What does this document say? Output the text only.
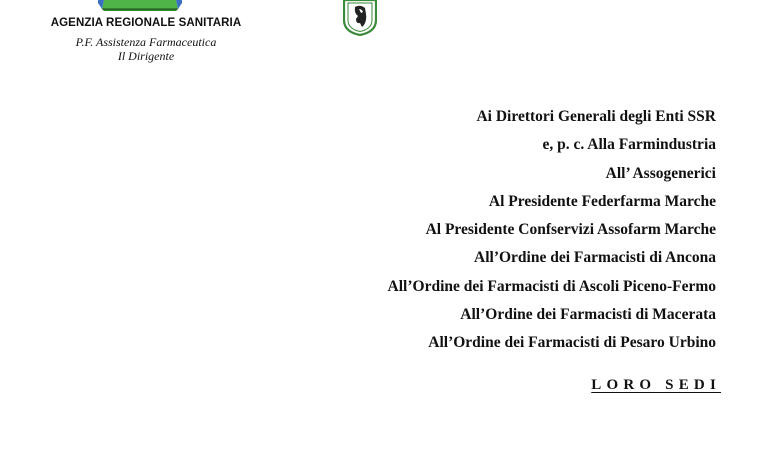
AGENZIA REGIONALE SANITARIA
P.F. Assistenza Farmaceutica
Il Dirigente
Ai Direttori Generali degli Enti SSR
e, p. c. Alla Farmindustria
All’ Assogenerici
Al Presidente Federfarma Marche
Al Presidente Confservizi Assofarm Marche
All’Ordine dei Farmacisti di Ancona
All’Ordine dei Farmacisti di Ascoli Piceno-Fermo
All’Ordine dei Farmacisti di Macerata
All’Ordine dei Farmacisti di Pesaro Urbino
LORO SEDI
